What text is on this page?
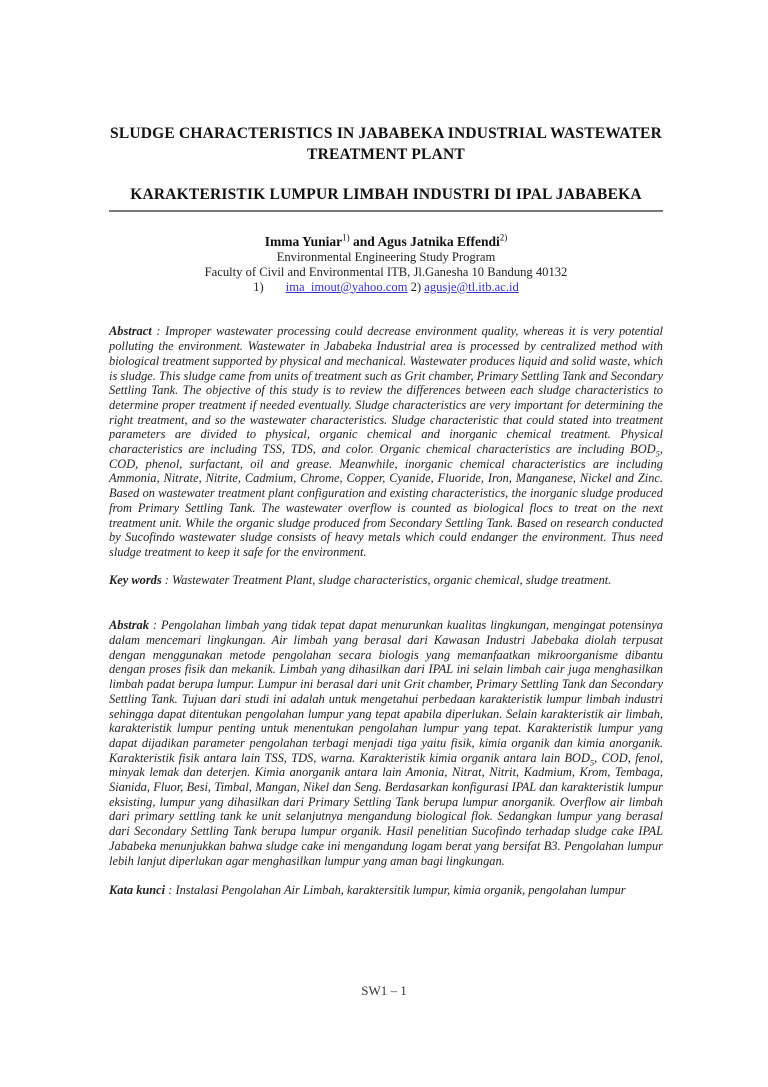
SLUDGE CHARACTERISTICS IN JABABEKA INDUSTRIAL WASTEWATER TREATMENT PLANT
KARAKTERISTIK LUMPUR LIMBAH INDUSTRI DI IPAL JABABEKA
Imma Yuniar$^{1)}$ and Agus Jatnika Effendi$^{2)}$
Environmental Engineering Study Program
Faculty of Civil and Environmental ITB, Jl.Ganesha 10 Bandung 40132
1) ima_imout@yahoo.com 2) agusje@tl.itb.ac.id

Abstract : Improper wastewater processing could decrease environment quality, whereas it is very potential polluting the environment. Wastewater in Jababeka Industrial area is processed by centralized method with biological treatment supported by physical and mechanical. Wastewater produces liquid and solid waste, which is sludge. This sludge came from units of treatment such as Grit chamber, Primary Settling Tank and Secondary Settling Tank. The objective of this study is to review the differences between each sludge characteristics to determine proper treatment if needed eventually. Sludge characteristics are very important for determining the right treatment, and so the wastewater characteristics. Sludge characteristic that could stated into treatment parameters are divided to physical, organic chemical and inorganic chemical treatment. Physical characteristics are including TSS, TDS, and color. Organic chemical characteristics are including $BOD_5$, COD, phenol, surfactant, oil and grease. Meanwhile, inorganic chemical characteristics are including Ammonia, Nitrate, Nitrite, Cadmium, Chrome, Copper, Cyanide, Fluoride, Iron, Manganese, Nickel and Zinc. Based on wastewater treatment plant configuration and existing characteristics, the inorganic sludge produced from Primary Settling Tank. The wastewater overflow is counted as biological flocs to treat on the next treatment unit. While the organic sludge produced from Secondary Settling Tank. Based on research conducted by Sucofindo wastewater sludge consists of heavy metals which could endanger the environment. Thus need sludge treatment to keep it safe for the environment.

Key words : Wastewater Treatment Plant, sludge characteristics, organic chemical, sludge treatment.

Abstrak : Pengolahan limbah yang tidak tepat dapat menurunkan kualitas lingkungan, mengingat potensinya dalam mencemari lingkungan. Air limbah yang berasal dari Kawasan Industri Jabebaka diolah terpusat dengan menggunakan metode pengolahan secara biologis yang memanfaatkan mikroorganisme dibantu dengan proses fisik dan mekanik. Limbah yang dihasilkan dari IPAL ini selain limbah cair juga menghasilkan limbah padat berupa lumpur. Lumpur ini berasal dari unit Grit chamber, Primary Settling Tank dan Secondary Settling Tank. Tujuan dari studi ini adalah untuk mengetahui perbedaan karakteristik lumpur limbah industri sehingga dapat ditentukan pengolahan lumpur yang tepat apabila diperlukan. Selain karakteristik air limbah, karakteristik lumpur penting untuk menentukan pengolahan lumpur yang tepat. Karakteristik lumpur yang dapat dijadikan parameter pengolahan terbagi menjadi tiga yaitu fisik, kimia organik dan kimia anorganik. Karakteristik fisik antara lain TSS, TDS, warna. Karakteristik kimia organik antara lain $BOD_5$, COD, fenol, minyak lemak dan deterjen. Kimia anorganik antara lain Amonia, Nitrat, Nitrit, Kadmium, Krom, Tembaga, Sianida, Fluor, Besi, Timbal, Mangan, Nikel dan Seng. Berdasarkan konfigurasi IPAL dan karakteristik lumpur eksisting, lumpur yang dihasilkan dari Primary Settling Tank berupa lumpur anorganik. Overflow air limbah dari primary settling tank ke unit selanjutnya mengandung biological flok. Sedangkan lumpur yang berasal dari Secondary Settling Tank berupa lumpur organik. Hasil penelitian Sucofindo terhadap sludge cake IPAL Jababeka menunjukkan bahwa sludge cake ini mengandung logam berat yang bersifat B3. Pengolahan lumpur lebih lanjut diperlukan agar menghasilkan lumpur yang aman bagi lingkungan.

Kata kunci : Instalasi Pengolahan Air Limbah, karaktersitik lumpur, kimia organik, pengolahan lumpur

SW1 – 1
